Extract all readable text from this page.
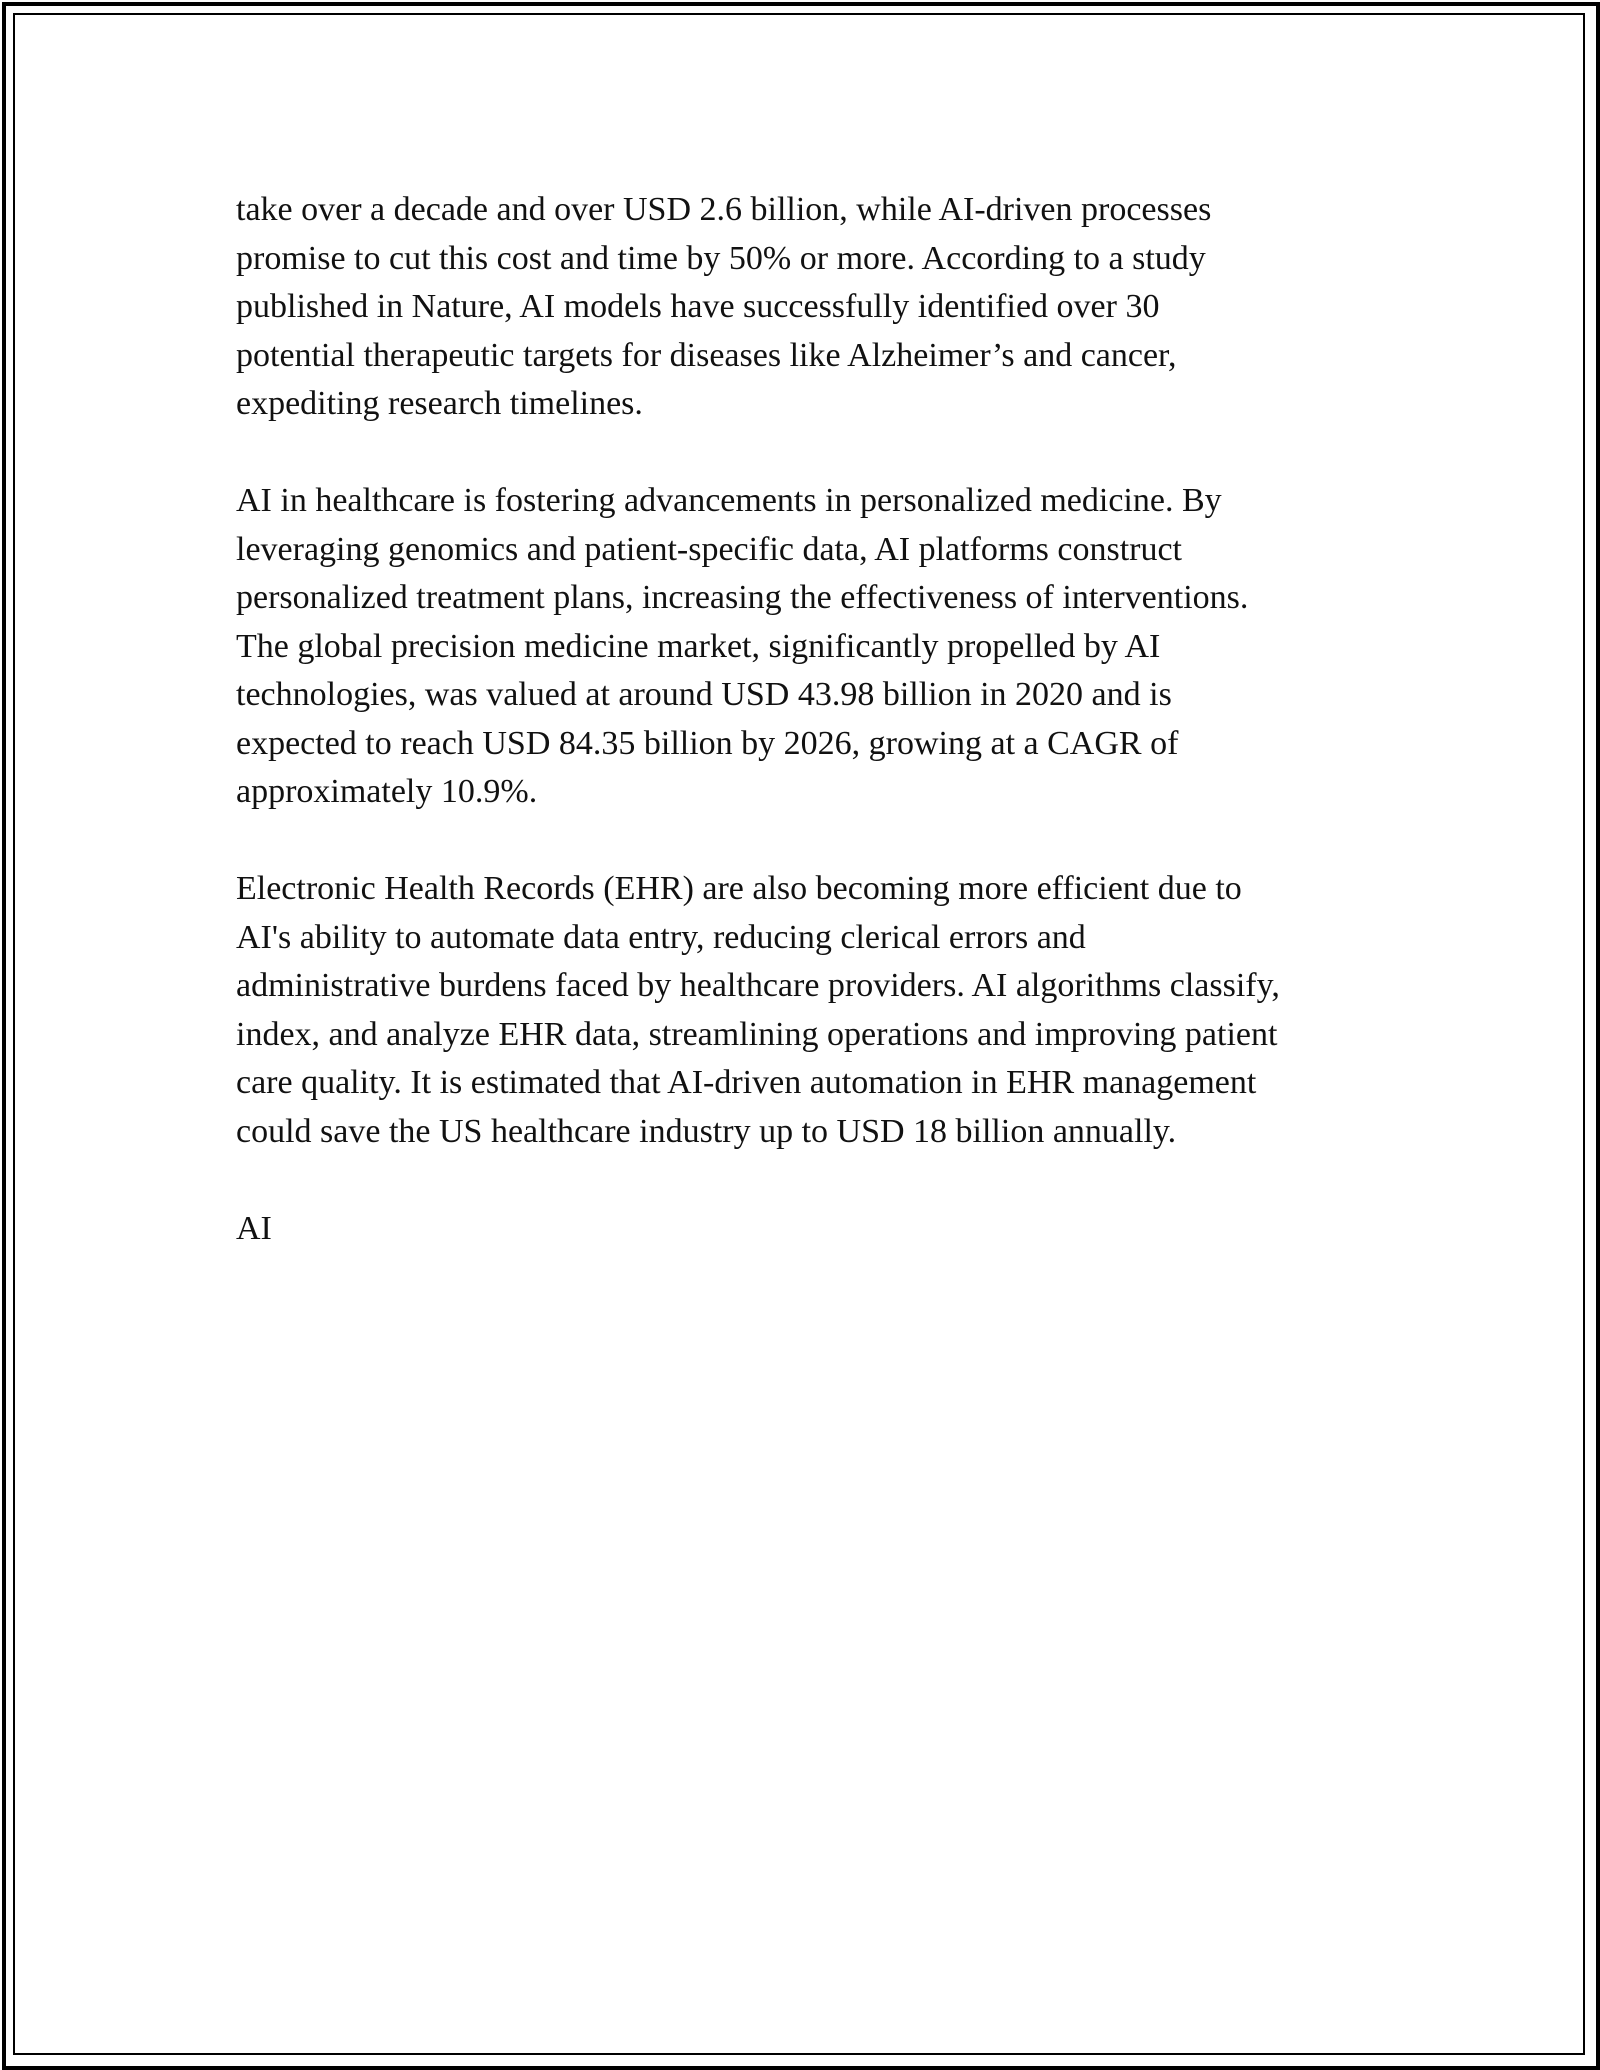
take over a decade and over USD 2.6 billion, while AI-driven processes
promise to cut this cost and time by 50% or more. According to a study
published in Nature, AI models have successfully identified over 30
potential therapeutic targets for diseases like Alzheimer’s and cancer,
expediting research timelines.

AI in healthcare is fostering advancements in personalized medicine. By
leveraging genomics and patient-specific data, AI platforms construct
personalized treatment plans, increasing the effectiveness of interventions.
The global precision medicine market, significantly propelled by AI
technologies, was valued at around USD 43.98 billion in 2020 and is
expected to reach USD 84.35 billion by 2026, growing at a CAGR of
approximately 10.9%.

Electronic Health Records (EHR) are also becoming more efficient due to
AI's ability to automate data entry, reducing clerical errors and
administrative burdens faced by healthcare providers. AI algorithms classify,
index, and analyze EHR data, streamlining operations and improving patient
care quality. It is estimated that AI-driven automation in EHR management
could save the US healthcare industry up to USD 18 billion annually.

AI
